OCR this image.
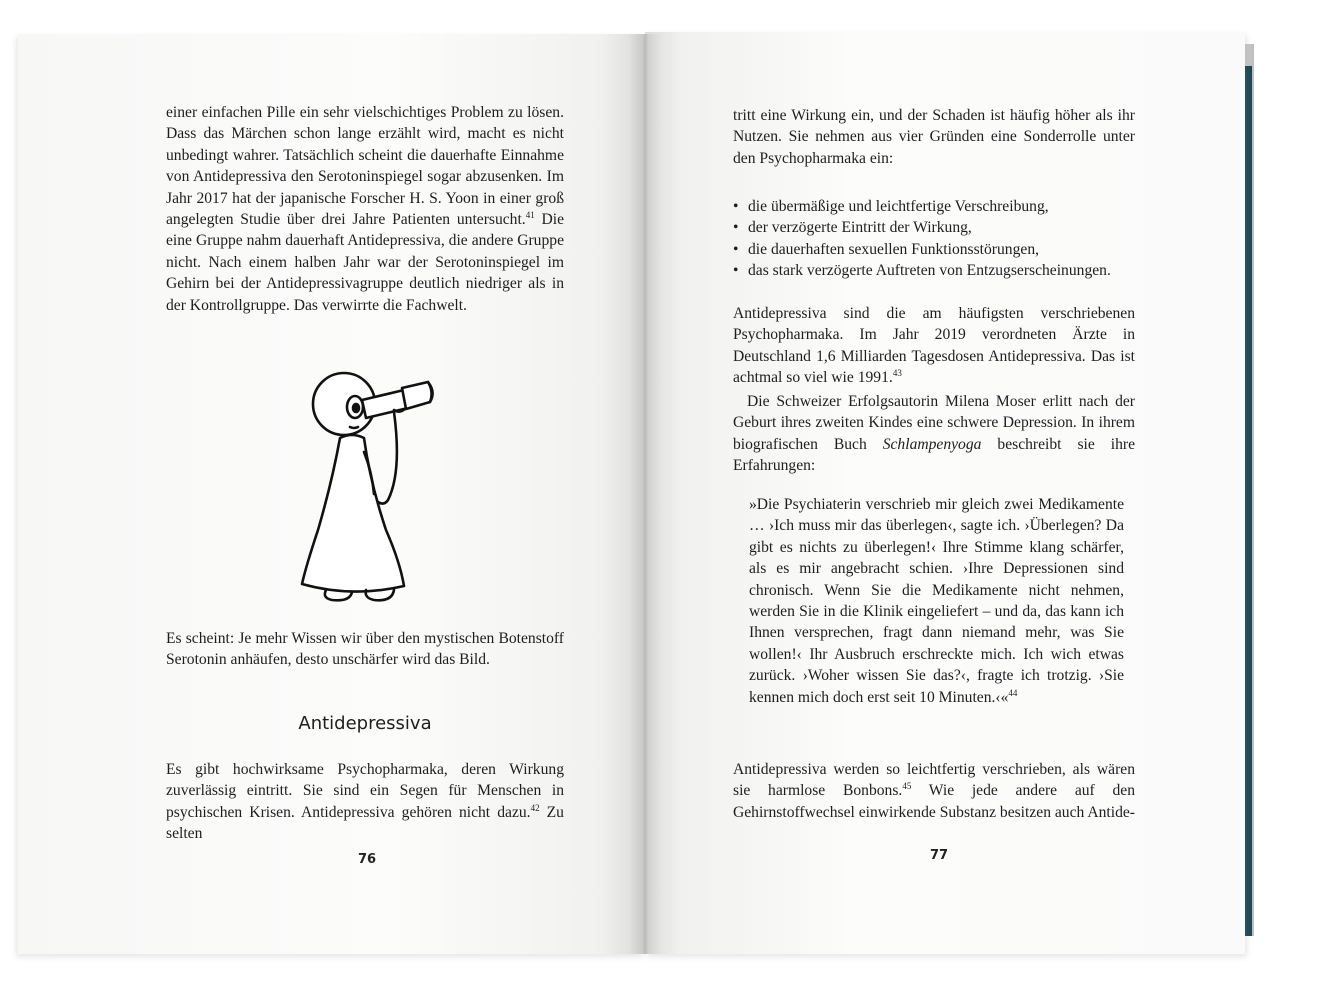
einer einfachen Pille ein sehr vielschichtiges Problem zu lösen. Dass das Märchen schon lange erzählt wird, macht es nicht unbedingt wahrer. Tatsächlich scheint die dauerhafte Einnahme von Antidepressiva den Serotoninspiegel sogar abzusenken. Im Jahr 2017 hat der japanische Forscher H. S. Yoon in einer groß angelegten Studie über drei Jahre Patienten untersucht.$^{41}$ Die eine Gruppe nahm dauerhaft Antidepressiva, die andere Gruppe nicht. Nach einem halben Jahr war der Serotoninspiegel im Gehirn bei der Antidepressivagruppe deutlich niedriger als in der Kontrollgruppe. Das verwirrte die Fachwelt.

Es scheint: Je mehr Wissen wir über den mystischen Botenstoff Serotonin anhäufen, desto unschärfer wird das Bild.

Antidepressiva

Es gibt hochwirksame Psychopharmaka, deren Wirkung zuverlässig eintritt. Sie sind ein Segen für Menschen in psychischen Krisen. Antidepressiva gehören nicht dazu.$^{42}$ Zu selten

76

tritt eine Wirkung ein, und der Schaden ist häufig höher als ihr Nutzen. Sie nehmen aus vier Gründen eine Sonderrolle unter den Psychopharmaka ein:

• die übermäßige und leichtfertige Verschreibung,
• der verzögerte Eintritt der Wirkung,
• die dauerhaften sexuellen Funktionsstörungen,
• das stark verzögerte Auftreten von Entzugserscheinungen.

Antidepressiva sind die am häufigsten verschriebenen Psychopharmaka. Im Jahr 2019 verordneten Ärzte in Deutschland 1,6 Milliarden Tagesdosen Antidepressiva. Das ist achtmal so viel wie 1991.43

Die Schweizer Erfolgsautorin Milena Moser erlitt nach der Geburt ihres zweiten Kindes eine schwere Depression. In ihrem biografischen Buch Schlampenyoga beschreibt sie ihre Erfahrungen:

»Die Psychiaterin verschrieb mir gleich zwei Medikamente … ›Ich muss mir das überlegen‹, sagte ich. ›Überlegen? Da gibt es nichts zu überlegen!‹ Ihre Stimme klang schärfer, als es mir angebracht schien. ›Ihre Depressionen sind chronisch. Wenn Sie die Medikamente nicht nehmen, werden Sie in die Klinik eingeliefert – und da, das kann ich Ihnen versprechen, fragt dann niemand mehr, was Sie wollen!‹ Ihr Ausbruch erschreckte mich. Ich wich etwas zurück. ›Woher wissen Sie das?‹, fragte ich trotzig. ›Sie kennen mich doch erst seit 10 Minuten.‹«$^{44}$

Antidepressiva werden so leichtfertig verschrieben, als wären sie harmlose Bonbons.$^{45}$ Wie jede andere auf den Gehirnstoffwechsel einwirkende Substanz besitzen auch Antide-

77
